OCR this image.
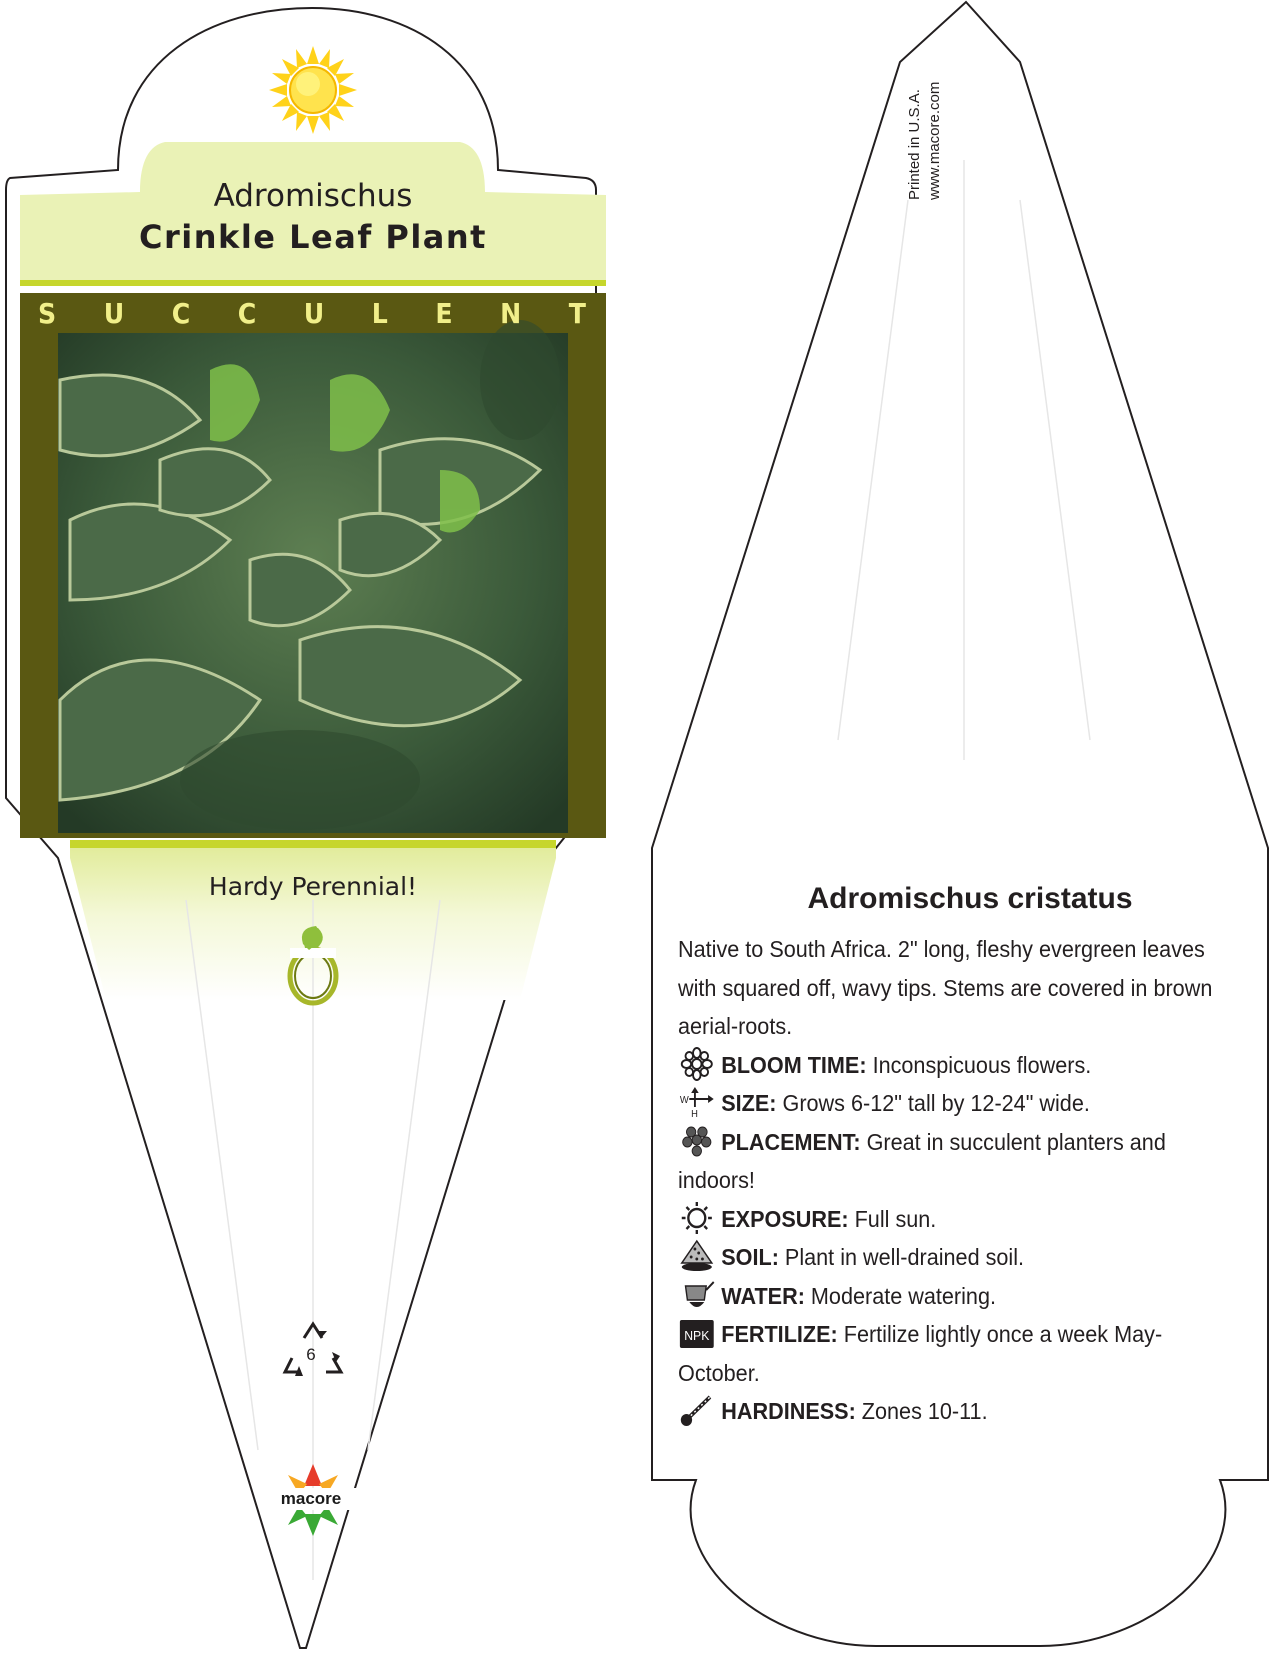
Adromischus
Crinkle Leaf Plant
S U C C U L E N T
Hardy Perennial!
6
macore
Printed in U.S.A. www.macore.com
Adromischus cristatus

Native to South Africa. 2" long, fleshy evergreen leaves with squared off, wavy tips. Stems are covered in brown aerial-roots.

BLOOM TIME: Inconspicuous flowers.

W
H SIZE: Grows 6-12" tall by 12-24" wide.

PLACEMENT: Great in succulent planters and indoors!

EXPOSURE: Full sun.

SOIL: Plant in well-drained soil.

WATER: Moderate watering.

NPK FERTILIZE: Fertilize lightly once a week May-October.

HARDINESS: Zones 10-11.
